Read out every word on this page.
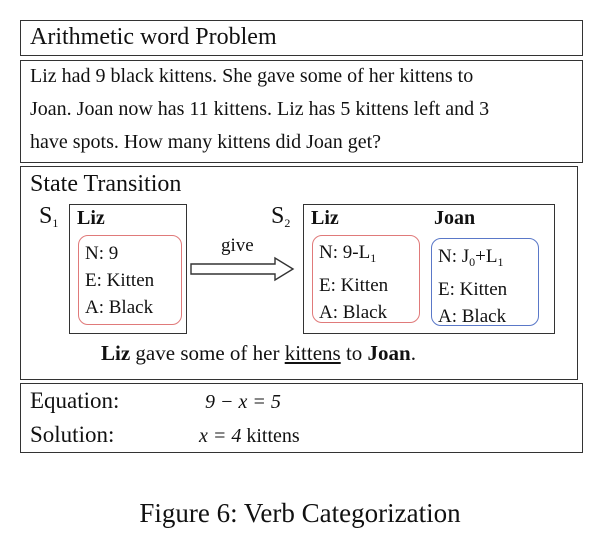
Arithmetic word Problem
Liz had 9 black kittens. She gave some of her kittens to
Joan. Joan now has 11 kittens. Liz has 5 kittens left and 3
have spots. How many kittens did Joan get?
State Transition
$S_1$ Liz
N: 9
E: Kitten
A: Black
give
$S_2$ Liz	Joan
N: $9-L_1$
E: Kitten
A: Black
N: $J_0+L_1$
E: Kitten
A: Black
Liz gave some of her kittens to Joan.
Equation:	9 − x = 5
Solution:	x = 4 kittens
Figure 6: Verb Categorization
